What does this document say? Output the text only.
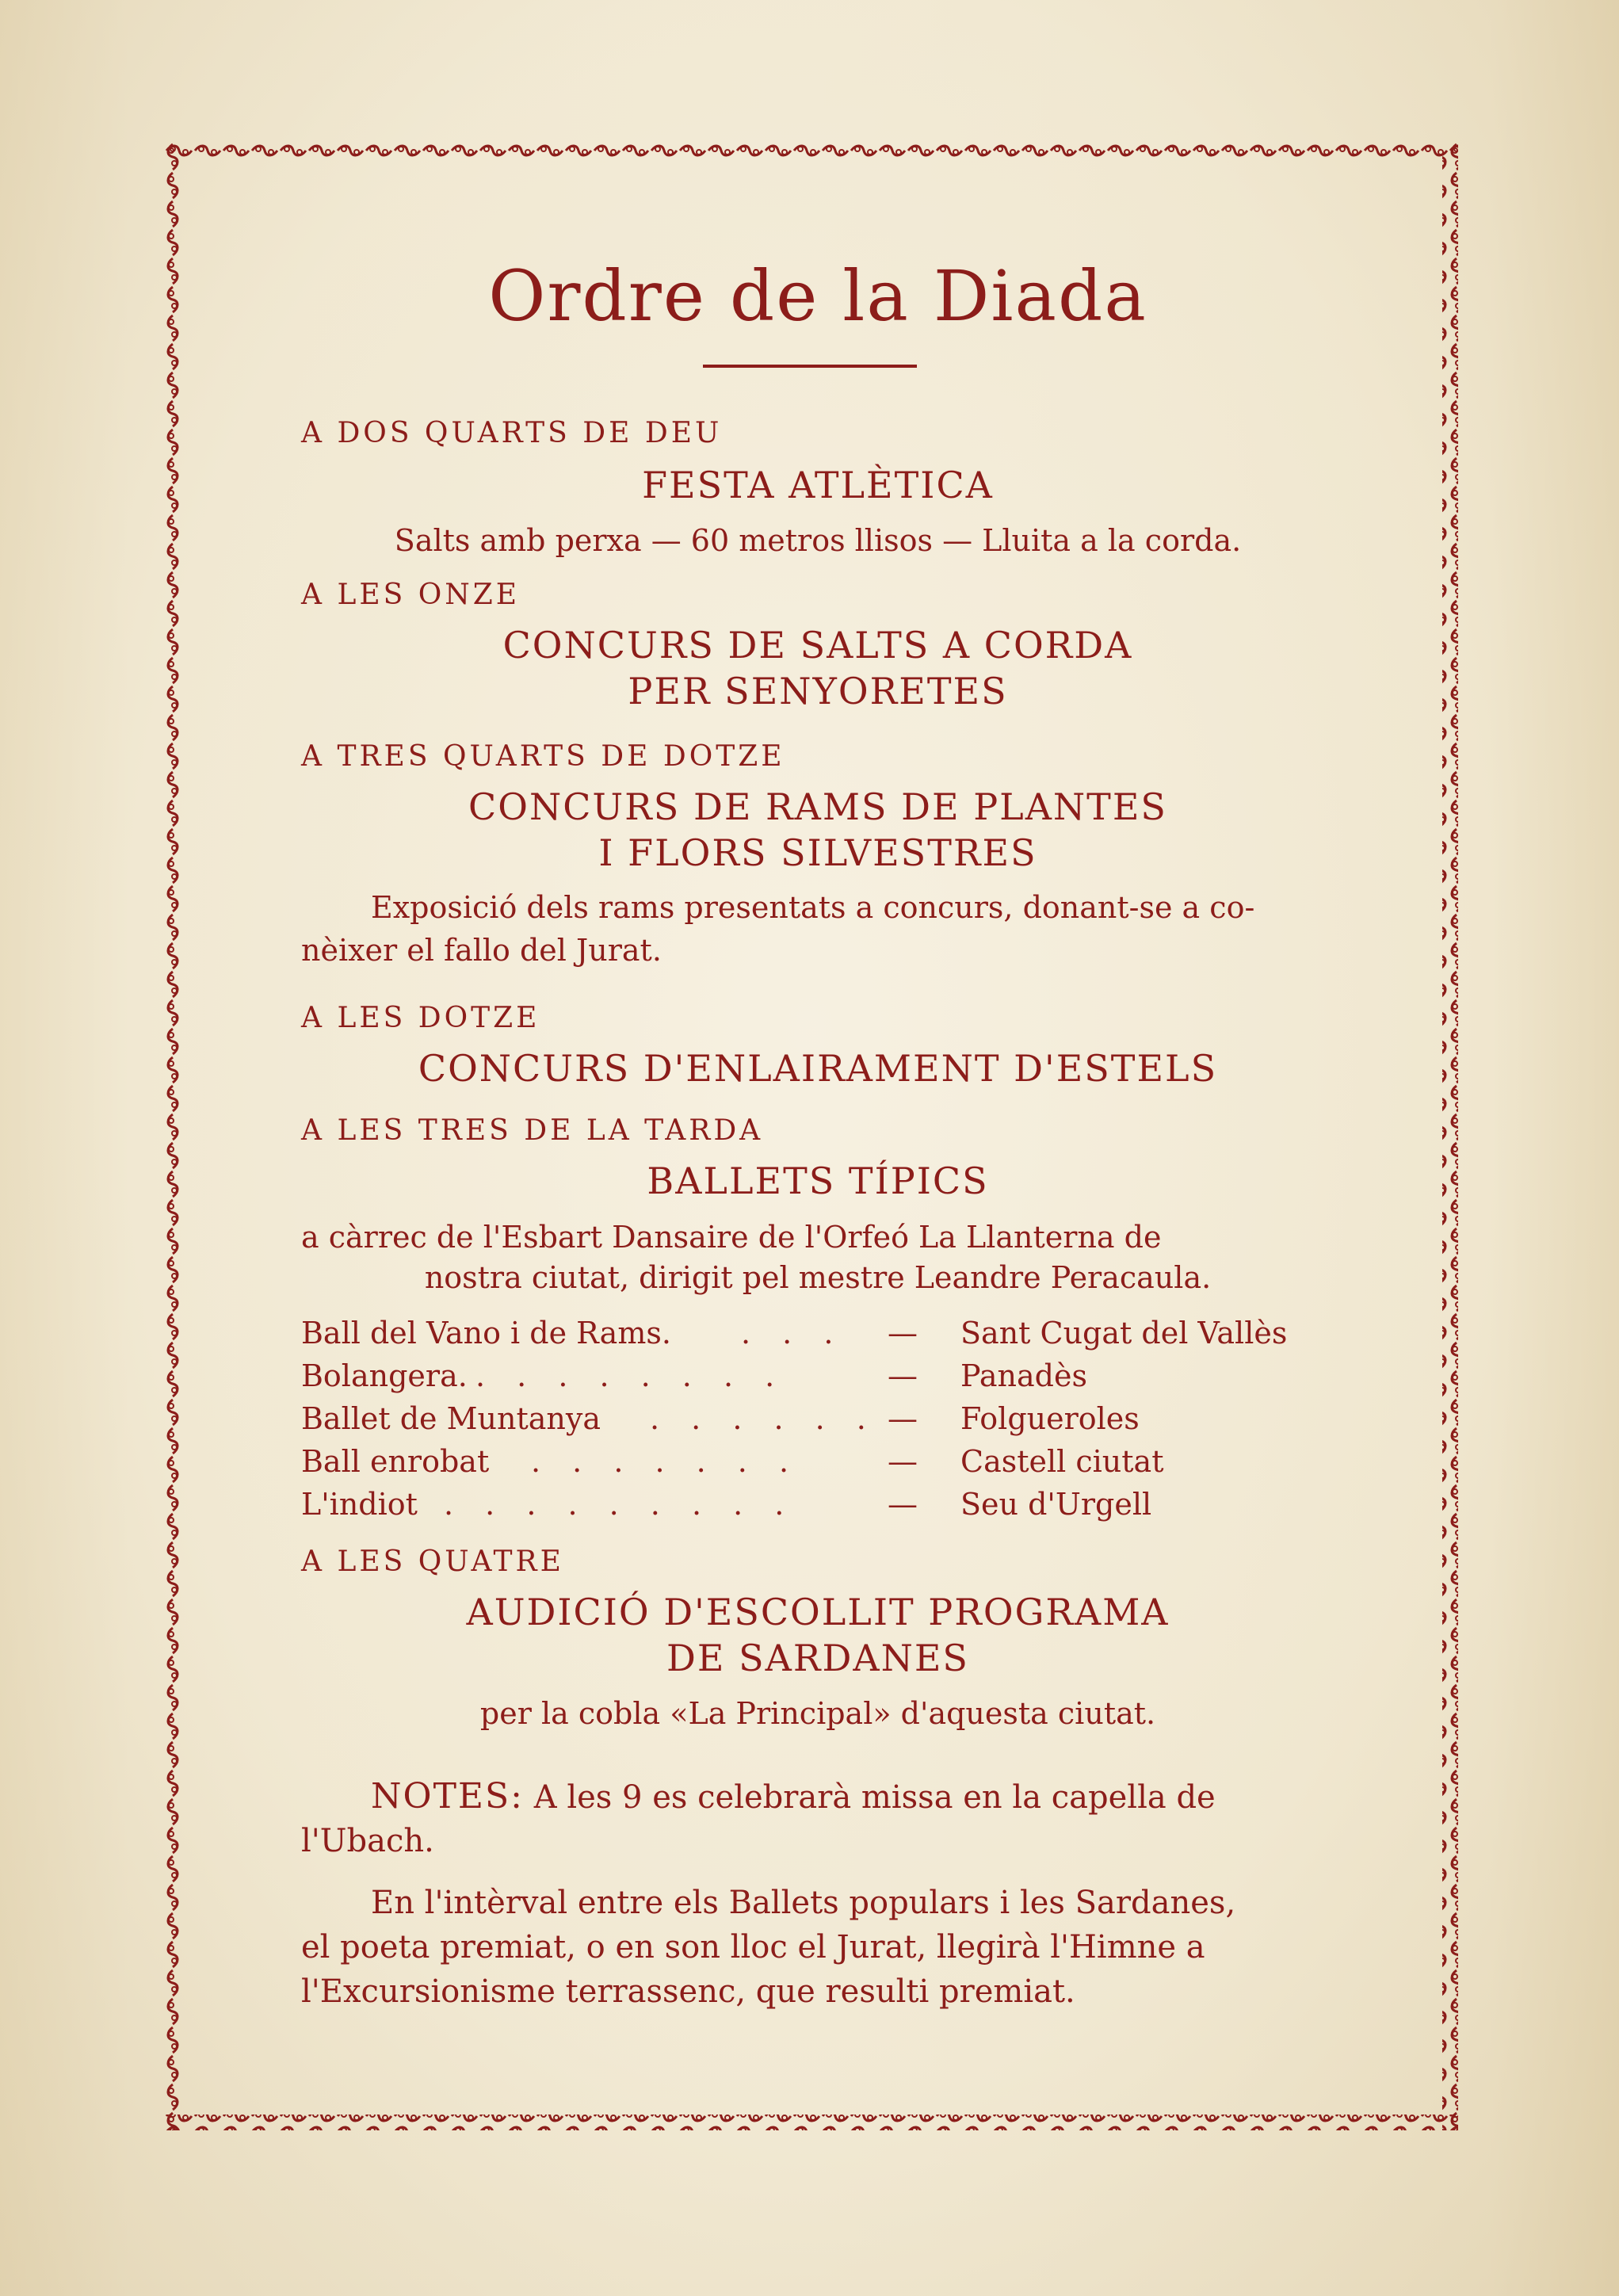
Ordre de la Diada
A DOS QUARTS DE DEU
FESTA ATLÈTICA
Salts amb perxa — 60 metros llisos — Lluita a la corda.
A LES ONZE
CONCURS DE SALTS A CORDA
PER SENYORETES
A TRES QUARTS DE DOTZE
CONCURS DE RAMS DE PLANTES
I FLORS SILVESTRES
Exposició dels rams presentats a concurs, donant-se a co-
nèixer el fallo del Jurat.
A LES DOTZE
CONCURS D'ENLAIRAMENT D'ESTELS
A LES TRES DE LA TARDA
BALLETS TÍPICS
a càrrec de l'Esbart Dansaire de l'Orfeó La Llanterna de
nostra ciutat, dirigit pel mestre Leandre Peracaula.
Ball del Vano i de Rams. . . . — Sant Cugat del Vallès
Bolangera. . . . . . . . .	— Panadès
Ballet de Muntanya . . . . . . — Folgueroles
Ball enrobat . . . . . . .	— Castell ciutat
L'indiot . . . . . . . . .	— Seu d'Urgell
A LES QUATRE
AUDICIÓ D'ESCOLLIT PROGRAMA
DE SARDANES
per la cobla «La Principal» d'aquesta ciutat.
NOTES: A les 9 es celebrarà missa en la capella de
l'Ubach.
En l'intèrval entre els Ballets populars i les Sardanes,
el poeta premiat, o en son lloc el Jurat, llegirà l'Himne a
l'Excursionisme terrassenc, que resulti premiat.
